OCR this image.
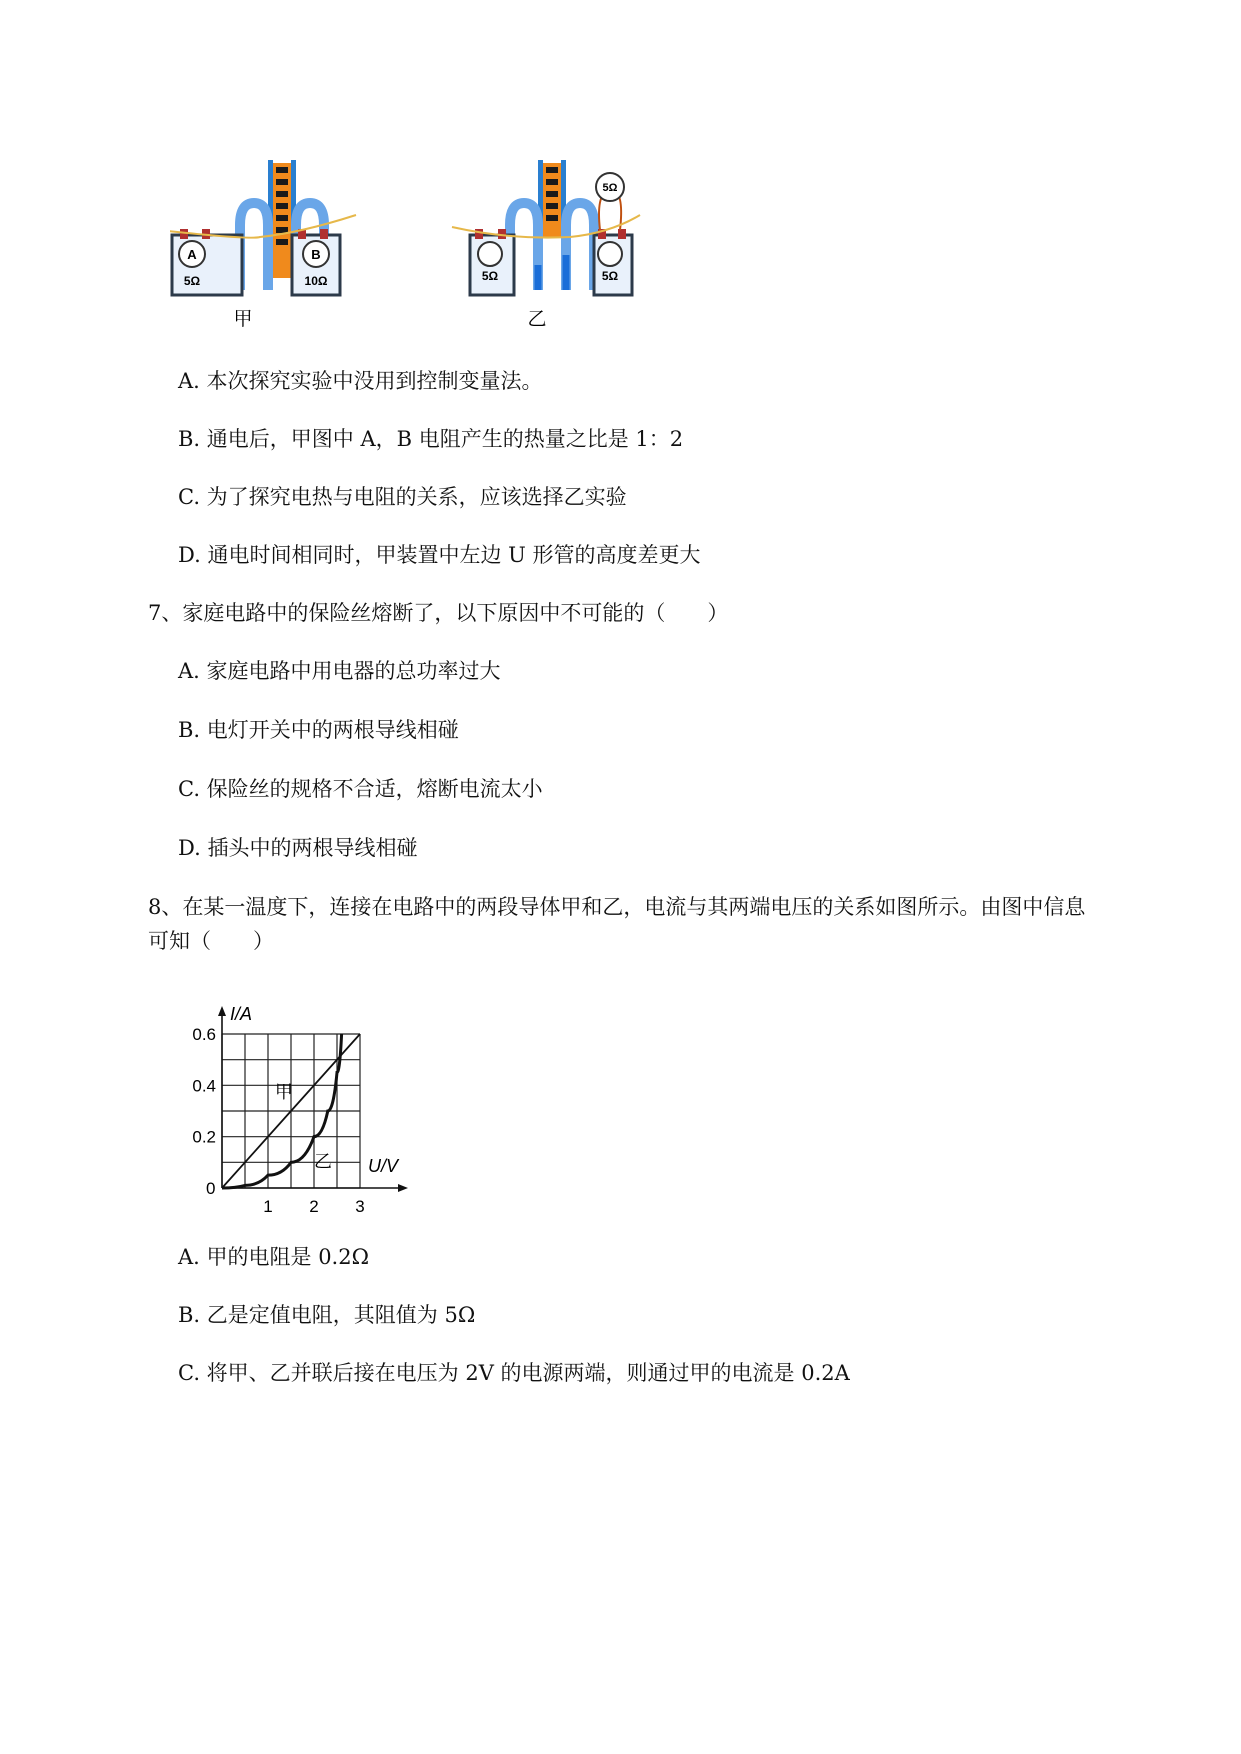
A
5Ω
B
10Ω
甲
5Ω	5Ω
5Ω
乙
A. 本次探究实验中没用到控制变量法。
B. 通电后，甲图中 A，B 电阻产生的热量之比是 1：2
C. 为了探究电热与电阻的关系，应该选择乙实验
D. 通电时间相同时，甲装置中左边 U 形管的高度差更大
7、家庭电路中的保险丝熔断了，以下原因中不可能的（　　）
A. 家庭电路中用电器的总功率过大
B. 电灯开关中的两根导线相碰
C. 保险丝的规格不合适，熔断电流太小
D. 插头中的两根导线相碰
8、在某一温度下，连接在电路中的两段导体甲和乙，电流与其两端电压的关系如图所示。由图中信息
可知（　　）
I/A
U/V
0
1 2 3
0.2
0.4
0.6
甲
乙
A. 甲的电阻是 0.2Ω
B. 乙是定值电阻，其阻值为 5Ω
C. 将甲、乙并联后接在电压为 2V 的电源两端，则通过甲的电流是 0.2A
